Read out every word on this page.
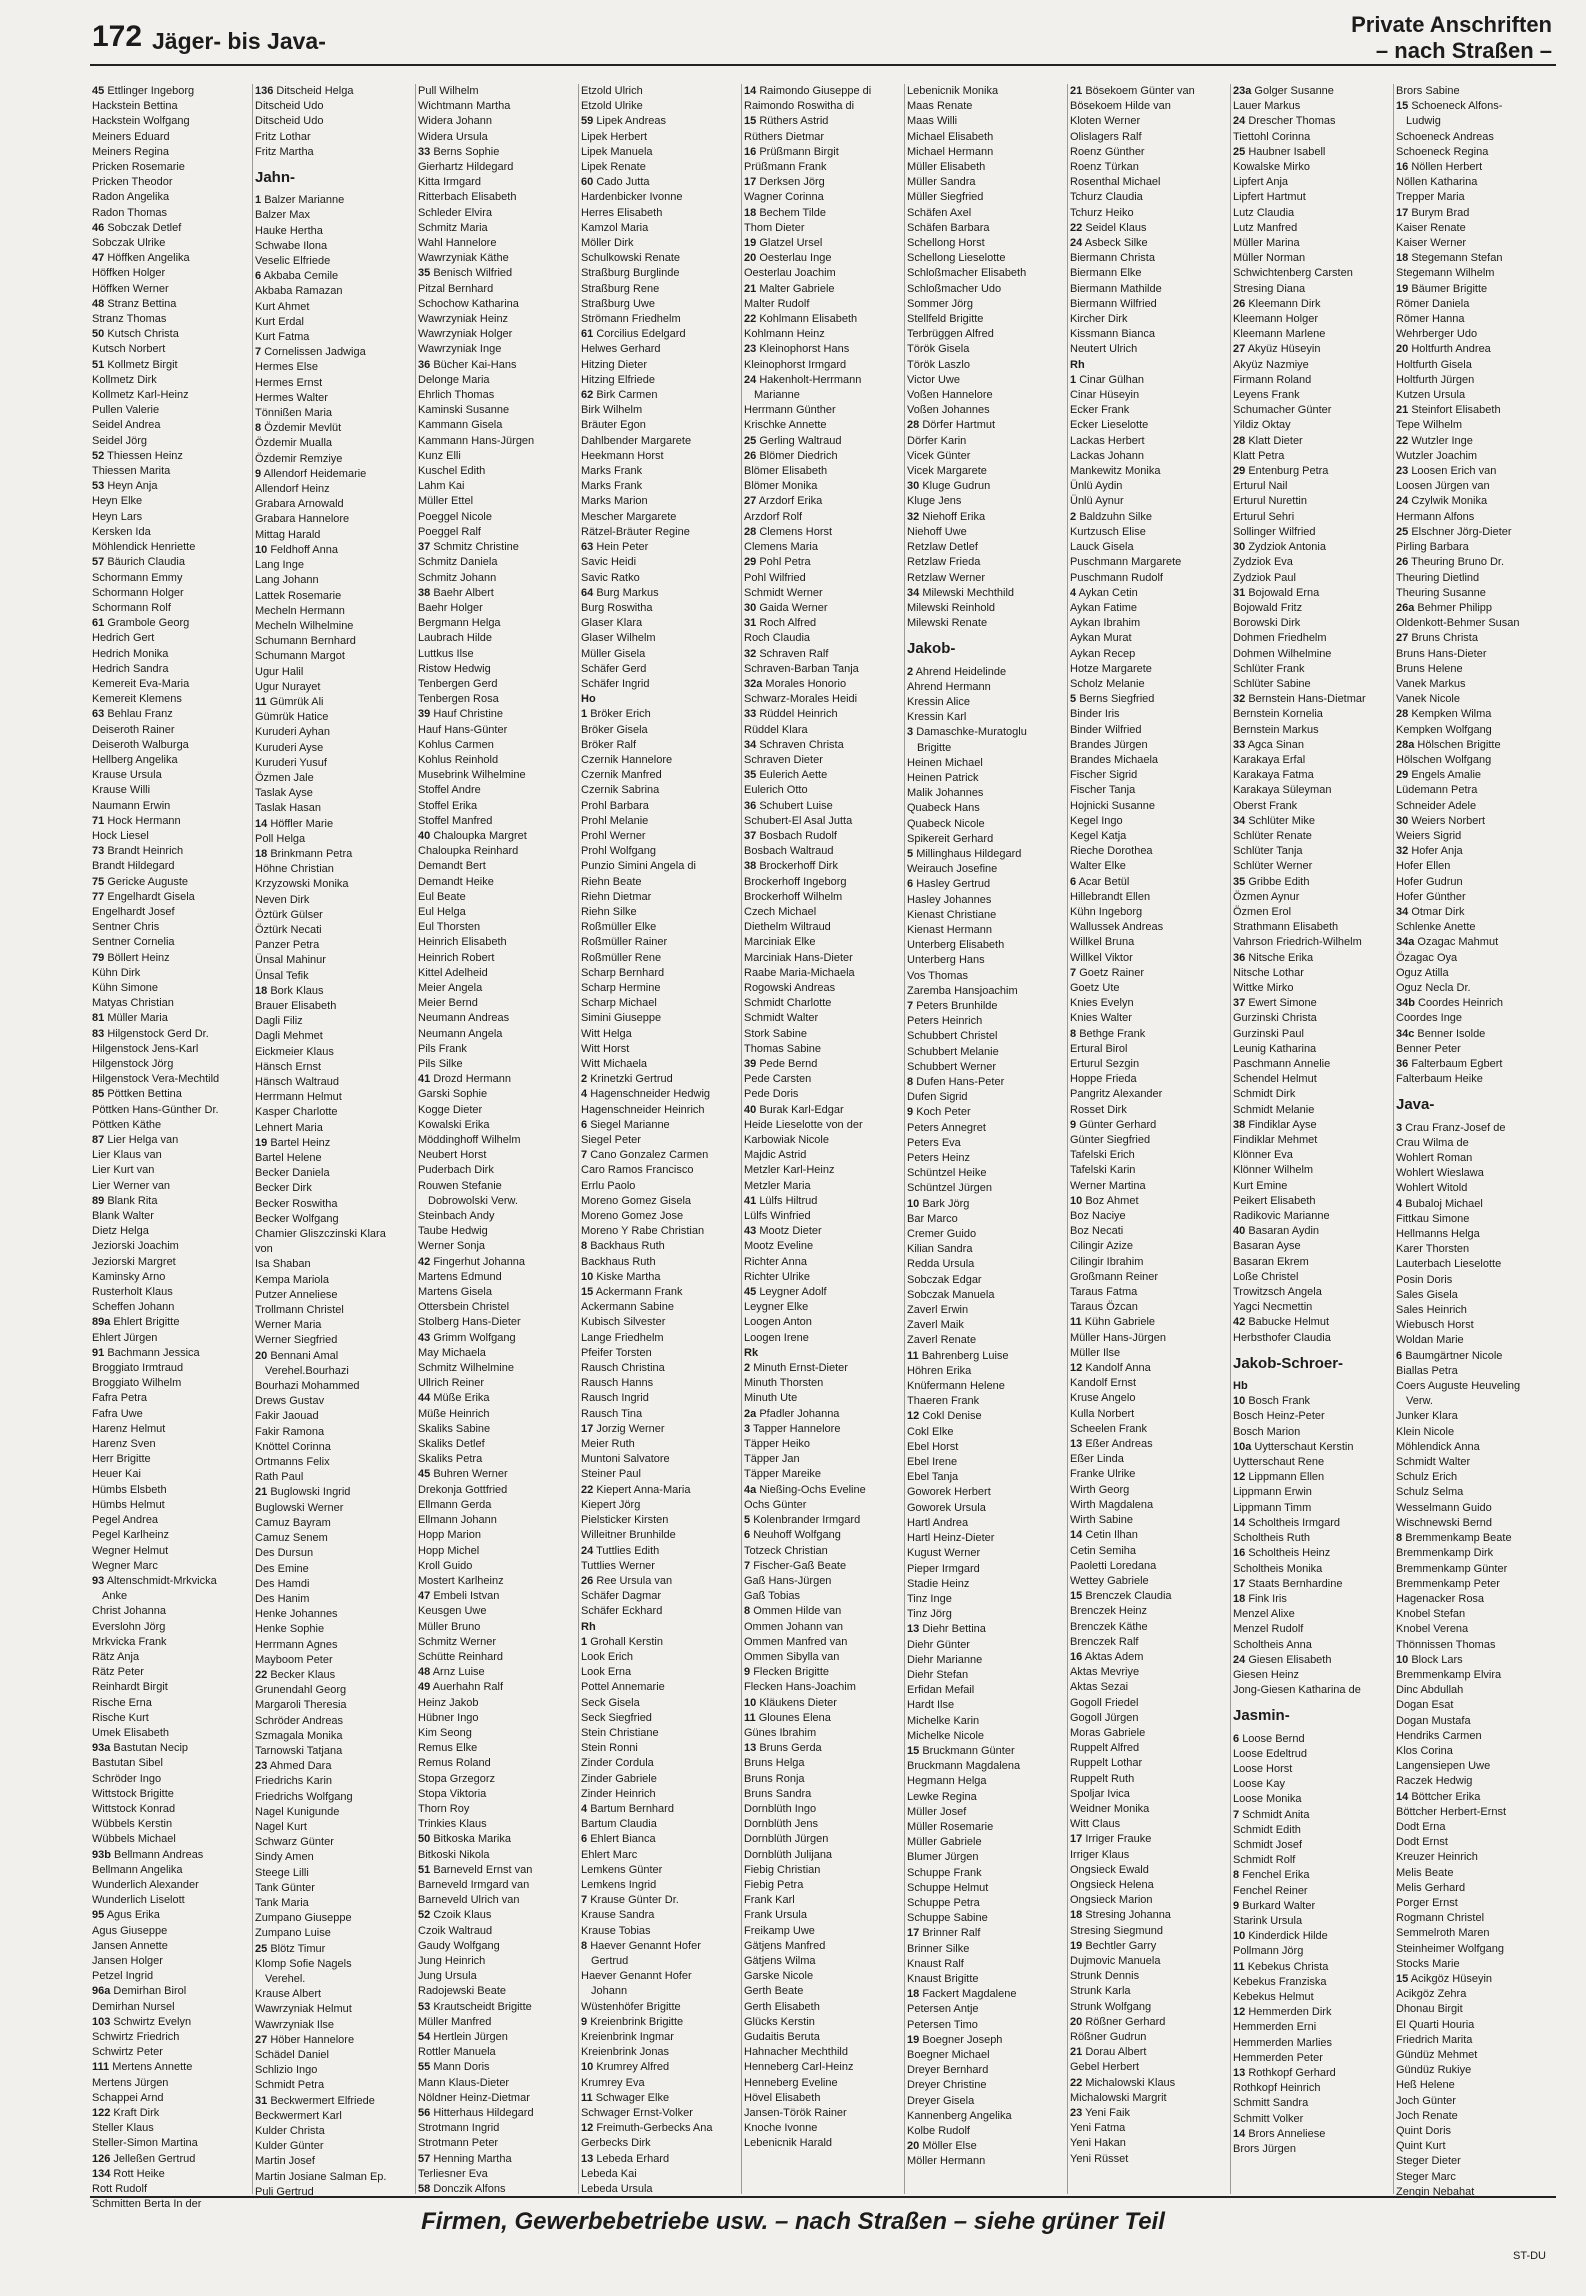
172 Jäger- bis Java-
Private Anschriften
– nach Straßen –
45 Ettlinger Ingeborg
Hackstein Bettina
Hackstein Wolfgang
Meiners Eduard
Meiners Regina
Pricken Rosemarie
Pricken Theodor
Radon Angelika
Radon Thomas
46 Sobczak Detlef
Sobczak Ulrike
47 Höffken Angelika
Höffken Holger
Höffken Werner
48 Stranz Bettina
Stranz Thomas
50 Kutsch Christa
Kutsch Norbert
51 Kollmetz Birgit
Kollmetz Dirk
Kollmetz Karl-Heinz
Pullen Valerie
Seidel Andrea
Seidel Jörg
52 Thiessen Heinz
Thiessen Marita
53 Heyn Anja
Heyn Elke
Heyn Lars
Kersken Ida
Möhlendick Henriette
57 Bäurich Claudia
Schormann Emmy
Schormann Holger
Schormann Rolf
61 Grambole Georg
Hedrich Gert
Hedrich Monika
Hedrich Sandra
Kemereit Eva-Maria
Kemereit Klemens
63 Behlau Franz
Deiseroth Rainer
Deiseroth Walburga
Hellberg Angelika
Krause Ursula
Krause Willi
Naumann Erwin
71 Hock Hermann
Hock Liesel
73 Brandt Heinrich
Brandt Hildegard
75 Gericke Auguste
77 Engelhardt Gisela
Engelhardt Josef
Sentner Chris
Sentner Cornelia
79 Böllert Heinz
Kühn Dirk
Kühn Simone
Matyas Christian
81 Müller Maria
83 Hilgenstock Gerd Dr.
Hilgenstock Jens-Karl
Hilgenstock Jörg
Hilgenstock Vera-Mechtild
85 Pöttken Bettina
Pöttken Hans-Günther Dr.
Pöttken Käthe
87 Lier Helga van
Lier Klaus van
Lier Kurt van
Lier Werner van
89 Blank Rita
Blank Walter
Dietz Helga
Jeziorski Joachim
Jeziorski Margret
Kaminsky Arno
Rusterholt Klaus
Scheffen Johann
89a Ehlert Brigitte
Ehlert Jürgen
91 Bachmann Jessica
Broggiato Irmtraud
Broggiato Wilhelm
Fafra Petra
Fafra Uwe
Harenz Helmut
Harenz Sven
Herr Brigitte
Heuer Kai
Hümbs Elsbeth
Hümbs Helmut
Pegel Andrea
Pegel Karlheinz
Wegner Helmut
Wegner Marc
93 Altenschmidt-Mrkvicka
Anke
Christ Johanna
Everslohn Jörg
Mrkvicka Frank
Rätz Anja
Rätz Peter
Reinhardt Birgit
Rische Erna
Rische Kurt
Umek Elisabeth
93a Bastutan Necip
Bastutan Sibel
Schröder Ingo
Wittstock Brigitte
Wittstock Konrad
Wübbels Kerstin
Wübbels Michael
93b Bellmann Andreas
Bellmann Angelika
Wunderlich Alexander
Wunderlich Liselott
95 Agus Erika
Agus Giuseppe
Jansen Annette
Jansen Holger
Petzel Ingrid
96a Demirhan Birol
Demirhan Nursel
103 Schwirtz Evelyn
Schwirtz Friedrich
Schwirtz Peter
111 Mertens Annette
Mertens Jürgen
Schappei Arnd
122 Kraft Dirk
Steller Klaus
Steller-Simon Martina
126 Jelleßen Gertrud
134 Rott Heike
Rott Rudolf
Schmitten Berta In der
136 Ditscheid Helga
Ditscheid Udo
Ditscheid Udo
Fritz Lothar
Fritz Martha
Jahn-
1 Balzer Marianne
Balzer Max
Hauke Hertha
Schwabe Ilona
Veselic Elfriede
6 Akbaba Cemile
Akbaba Ramazan
Kurt Ahmet
Kurt Erdal
Kurt Fatma
7 Cornelissen Jadwiga
Hermes Else
Hermes Ernst
Hermes Walter
Tönnißen Maria
8 Özdemir Mevlüt
Özdemir Mualla
Özdemir Remziye
9 Allendorf Heidemarie
Allendorf Heinz
Grabara Arnowald
Grabara Hannelore
Mittag Harald
10 Feldhoff Anna
Lang Inge
Lang Johann
Lattek Rosemarie
Mecheln Hermann
Mecheln Wilhelmine
Schumann Bernhard
Schumann Margot
Ugur Halil
Ugur Nurayet
11 Gümrük Ali
Gümrük Hatice
Kuruderi Ayhan
Kuruderi Ayse
Kuruderi Yusuf
Özmen Jale
Taslak Ayse
Taslak Hasan
14 Höffler Marie
Poll Helga
18 Brinkmann Petra
Höhne Christian
Krzyzowski Monika
Neven Dirk
Öztürk Gülser
Öztürk Necati
Panzer Petra
Ünsal Mahinur
Ünsal Tefik
18 Bork Klaus
Brauer Elisabeth
Dagli Filiz
Dagli Mehmet
Eickmeier Klaus
Hänsch Ernst
Hänsch Waltraud
Herrmann Helmut
Kasper Charlotte
Lehnert Maria
19 Bartel Heinz
Bartel Helene
Becker Daniela
Becker Dirk
Becker Roswitha
Becker Wolfgang
Chamier Gliszczinski Klara
von
Isa Shaban
Kempa Mariola
Putzer Anneliese
Trollmann Christel
Werner Maria
Werner Siegfried
20 Bennani Amal
Verehel.Bourhazi
Bourhazi Mohammed
Drews Gustav
Fakir Jaouad
Fakir Ramona
Knöttel Corinna
Ortmanns Felix
Rath Paul
21 Buglowski Ingrid
Buglowski Werner
Camuz Bayram
Camuz Senem
Des Dursun
Des Emine
Des Hamdi
Des Hanim
Henke Johannes
Henke Sophie
Herrmann Agnes
Mayboom Peter
22 Becker Klaus
Grunendahl Georg
Margaroli Theresia
Schröder Andreas
Szmagala Monika
Tarnowski Tatjana
23 Ahmed Dara
Friedrichs Karin
Friedrichs Wolfgang
Nagel Kunigunde
Nagel Kurt
Schwarz Günter
Sindy Amen
Steege Lilli
Tank Günter
Tank Maria
Zumpano Giuseppe
Zumpano Luise
25 Blötz Timur
Klomp Sofie Nagels
Verehel.
Krause Albert
Wawrzyniak Helmut
Wawrzyniak Ilse
27 Höber Hannelore
Schädel Daniel
Schlizio Ingo
Schmidt Petra
31 Beckwermert Elfriede
Beckwermert Karl
Kulder Christa
Kulder Günter
Martin Josef
Martin Josiane Salman Ep.
Puli Gertrud
Pull Wilhelm
Wichtmann Martha
Widera Johann
Widera Ursula
33 Berns Sophie
Gierhartz Hildegard
Kitta Irmgard
Ritterbach Elisabeth
Schleder Elvira
Schmitz Maria
Wahl Hannelore
Wawrzyniak Käthe
35 Benisch Wilfried
Pitzal Bernhard
Schochow Katharina
Wawrzyniak Heinz
Wawrzyniak Holger
Wawrzyniak Inge
36 Bücher Kai-Hans
Delonge Maria
Ehrlich Thomas
Kaminski Susanne
Kammann Gisela
Kammann Hans-Jürgen
Kunz Elli
Kuschel Edith
Lahm Kai
Müller Ettel
Poeggel Nicole
Poeggel Ralf
37 Schmitz Christine
Schmitz Daniela
Schmitz Johann
38 Baehr Albert
Baehr Holger
Bergmann Helga
Laubrach Hilde
Luttkus Ilse
Ristow Hedwig
Tenbergen Gerd
Tenbergen Rosa
39 Hauf Christine
Hauf Hans-Günter
Kohlus Carmen
Kohlus Reinhold
Musebrink Wilhelmine
Stoffel Andre
Stoffel Erika
Stoffel Manfred
40 Chaloupka Margret
Chaloupka Reinhard
Demandt Bert
Demandt Heike
Eul Beate
Eul Helga
Eul Thorsten
Heinrich Elisabeth
Heinrich Robert
Kittel Adelheid
Meier Angela
Meier Bernd
Neumann Andreas
Neumann Angela
Pils Frank
Pils Silke
41 Drozd Hermann
Garski Sophie
Kogge Dieter
Kowalski Erika
Möddinghoff Wilhelm
Neubert Horst
Puderbach Dirk
Rouwen Stefanie
Dobrowolski Verw.
Steinbach Andy
Taube Hedwig
Werner Sonja
42 Fingerhut Johanna
Martens Edmund
Martens Gisela
Ottersbein Christel
Stolberg Hans-Dieter
43 Grimm Wolfgang
May Michaela
Schmitz Wilhelmine
Ullrich Reiner
44 Müße Erika
Müße Heinrich
Skaliks Sabine
Skaliks Detlef
Skaliks Petra
45 Buhren Werner
Drekonja Gottfried
Ellmann Gerda
Ellmann Johann
Hopp Marion
Hopp Michel
Kroll Guido
Mostert Karlheinz
47 Embeli Istvan
Keusgen Uwe
Müller Bruno
Schmitz Werner
Schütte Reinhard
48 Arnz Luise
49 Auerhahn Ralf
Heinz Jakob
Hübner Ingo
Kim Seong
Remus Elke
Remus Roland
Stopa Grzegorz
Stopa Viktoria
Thorn Roy
Trinkies Klaus
50 Bitkoska Marika
Bitkoski Nikola
51 Barneveld Ernst van
Barneveld Irmgard van
Barneveld Ulrich van
52 Czoik Klaus
Czoik Waltraud
Gaudy Wolfgang
Jung Heinrich
Jung Ursula
Radojewski Beate
53 Krautscheidt Brigitte
Müller Manfred
54 Hertlein Jürgen
Rottler Manuela
55 Mann Doris
Mann Klaus-Dieter
Nöldner Heinz-Dietmar
56 Hitterhaus Hildegard
Strotmann Ingrid
Strotmann Peter
57 Henning Martha
Terliesner Eva
58 Donczik Alfons
Etzold Ulrich
Etzold Ulrike
59 Lipek Andreas
Lipek Herbert
Lipek Manuela
Lipek Renate
60 Cado Jutta
Hardenbicker Ivonne
Herres Elisabeth
Kamzol Maria
Möller Dirk
Schulkowski Renate
Straßburg Burglinde
Straßburg Rene
Straßburg Uwe
Strömann Friedhelm
61 Corcilius Edelgard
Helwes Gerhard
Hitzing Dieter
Hitzing Elfriede
62 Birk Carmen
Birk Wilhelm
Bräuter Egon
Dahlbender Margarete
Heekmann Horst
Marks Frank
Marks Frank
Marks Marion
Mescher Margarete
Rätzel-Bräuter Regine
63 Hein Peter
Savic Heidi
Savic Ratko
64 Burg Markus
Burg Roswitha
Glaser Klara
Glaser Wilhelm
Müller Gisela
Schäfer Gerd
Schäfer Ingrid
Ho
1 Bröker Erich
Bröker Gisela
Bröker Ralf
Czernik Hannelore
Czernik Manfred
Czernik Sabrina
Prohl Barbara
Prohl Melanie
Prohl Werner
Prohl Wolfgang
Punzio Simini Angela di
Riehn Beate
Riehn Dietmar
Riehn Silke
Roßmüller Elke
Roßmüller Rainer
Roßmüller Rene
Scharp Bernhard
Scharp Hermine
Scharp Michael
Simini Giuseppe
Witt Helga
Witt Horst
Witt Michaela
2 Krinetzki Gertrud
4 Hagenschneider Hedwig
Hagenschneider Heinrich
6 Siegel Marianne
Siegel Peter
7 Cano Gonzalez Carmen
Caro Ramos Francisco
Errlu Paolo
Moreno Gomez Gisela
Moreno Gomez Jose
Moreno Y Rabe Christian
8 Backhaus Ruth
Backhaus Ruth
10 Kiske Martha
15 Ackermann Frank
Ackermann Sabine
Kubisch Silvester
Lange Friedhelm
Pfeifer Torsten
Rausch Christina
Rausch Hanns
Rausch Ingrid
Rausch Tina
17 Jorzig Werner
Meier Ruth
Muntoni Salvatore
Steiner Paul
22 Kiepert Anna-Maria
Kiepert Jörg
Pielsticker Kirsten
Willeitner Brunhilde
24 Tuttlies Edith
Tuttlies Werner
26 Ree Ursula van
Schäfer Dagmar
Schäfer Eckhard
Rh
1 Grohall Kerstin
Look Erich
Look Erna
Pottel Annemarie
Seck Gisela
Seck Siegfried
Stein Christiane
Stein Ronni
Zinder Cordula
Zinder Gabriele
Zinder Heinrich
4 Bartum Bernhard
Bartum Claudia
6 Ehlert Bianca
Ehlert Marc
Lemkens Günter
Lemkens Ingrid
7 Krause Günter Dr.
Krause Sandra
Krause Tobias
8 Haever Genannt Hofer
Gertrud
Haever Genannt Hofer
Johann
Wüstenhöfer Brigitte
9 Kreienbrink Brigitte
Kreienbrink Ingmar
Kreienbrink Jonas
10 Krumrey Alfred
Krumrey Eva
11 Schwager Elke
Schwager Ernst-Volker
12 Freimuth-Gerbecks Ana
Gerbecks Dirk
13 Lebeda Erhard
Lebeda Kai
Lebeda Ursula
14 Raimondo Giuseppe di
Raimondo Roswitha di
15 Rüthers Astrid
Rüthers Dietmar
16 Prüßmann Birgit
Prüßmann Frank
17 Derksen Jörg
Wagner Corinna
18 Bechem Tilde
Thom Dieter
19 Glatzel Ursel
20 Oesterlau Inge
Oesterlau Joachim
21 Malter Gabriele
Malter Rudolf
22 Kohlmann Elisabeth
Kohlmann Heinz
23 Kleinophorst Hans
Kleinophorst Irmgard
24 Hakenholt-Herrmann
Marianne
Herrmann Günther
Krischke Annette
25 Gerling Waltraud
26 Blömer Diedrich
Blömer Elisabeth
Blömer Monika
27 Arzdorf Erika
Arzdorf Rolf
28 Clemens Horst
Clemens Maria
29 Pohl Petra
Pohl Wilfried
Schmidt Werner
30 Gaida Werner
31 Roch Alfred
Roch Claudia
32 Schraven Ralf
Schraven-Barban Tanja
32a Morales Honorio
Schwarz-Morales Heidi
33 Rüddel Heinrich
Rüddel Klara
34 Schraven Christa
Schraven Dieter
35 Eulerich Aette
Eulerich Otto
36 Schubert Luise
Schubert-El Asal Jutta
37 Bosbach Rudolf
Bosbach Waltraud
38 Brockerhoff Dirk
Brockerhoff Ingeborg
Brockerhoff Wilhelm
Czech Michael
Diethelm Wiltraud
Marciniak Elke
Marciniak Hans-Dieter
Raabe Maria-Michaela
Rogowski Andreas
Schmidt Charlotte
Schmidt Walter
Stork Sabine
Thomas Sabine
39 Pede Bernd
Pede Carsten
Pede Doris
40 Burak Karl-Edgar
Heide Lieselotte von der
Karbowiak Nicole
Majdic Astrid
Metzler Karl-Heinz
Metzler Maria
41 Lülfs Hiltrud
Lülfs Winfried
43 Mootz Dieter
Mootz Eveline
Richter Anna
Richter Ulrike
45 Leygner Adolf
Leygner Elke
Loogen Anton
Loogen Irene
Rk
2 Minuth Ernst-Dieter
Minuth Thorsten
Minuth Ute
2a Pfadler Johanna
3 Tapper Hannelore
Täpper Heiko
Täpper Jan
Täpper Mareike
4a Nießing-Ochs Eveline
Ochs Günter
5 Kolenbrander Irmgard
6 Neuhoff Wolfgang
Totzeck Christian
7 Fischer-Gaß Beate
Gaß Hans-Jürgen
Gaß Tobias
8 Ommen Hilde van
Ommen Johann van
Ommen Manfred van
Ommen Sibylla van
9 Flecken Brigitte
Flecken Hans-Joachim
10 Kläukens Dieter
11 Glounes Elena
Günes Ibrahim
13 Bruns Gerda
Bruns Helga
Bruns Ronja
Bruns Sandra
Dornblüth Ingo
Dornblüth Jens
Dornblüth Jürgen
Dornblüth Julijana
Fiebig Christian
Fiebig Petra
Frank Karl
Frank Ursula
Freikamp Uwe
Gätjens Manfred
Gätjens Wilma
Garske Nicole
Gerth Beate
Gerth Elisabeth
Glücks Kerstin
Gudaitis Beruta
Hahnacher Mechthild
Henneberg Carl-Heinz
Henneberg Eveline
Hövel Elisabeth
Jansen-Török Rainer
Knoche Ivonne
Lebenicnik Harald
Lebenicnik Monika
Maas Renate
Maas Willi
Michael Elisabeth
Michael Hermann
Müller Elisabeth
Müller Sandra
Müller Siegfried
Schäfen Axel
Schäfen Barbara
Schellong Horst
Schellong Lieselotte
Schloßmacher Elisabeth
Schloßmacher Udo
Sommer Jörg
Stellfeld Brigitte
Terbrüggen Alfred
Török Gisela
Török Laszlo
Victor Uwe
Voßen Hannelore
Voßen Johannes
28 Dörfer Hartmut
Dörfer Karin
Vicek Günter
Vicek Margarete
30 Kluge Gudrun
Kluge Jens
32 Niehoff Erika
Niehoff Uwe
Retzlaw Detlef
Retzlaw Frieda
Retzlaw Werner
34 Milewski Mechthild
Milewski Reinhold
Milewski Renate
Jakob-
2 Ahrend Heidelinde
Ahrend Hermann
Kressin Alice
Kressin Karl
3 Damaschke-Muratoglu
Brigitte
Heinen Michael
Heinen Patrick
Malik Johannes
Quabeck Hans
Quabeck Nicole
Spikereit Gerhard
5 Millinghaus Hildegard
Weirauch Josefine
6 Hasley Gertrud
Hasley Johannes
Kienast Christiane
Kienast Hermann
Unterberg Elisabeth
Unterberg Hans
Vos Thomas
Zaremba Hansjoachim
7 Peters Brunhilde
Peters Heinrich
Schubbert Christel
Schubbert Melanie
Schubbert Werner
8 Dufen Hans-Peter
Dufen Sigrid
9 Koch Peter
Peters Annegret
Peters Eva
Peters Heinz
Schüntzel Heike
Schüntzel Jürgen
10 Bark Jörg
Bar Marco
Cremer Guido
Kilian Sandra
Redda Ursula
Sobczak Edgar
Sobczak Manuela
Zaverl Erwin
Zaverl Maik
Zaverl Renate
11 Bahrenberg Luise
Höhren Erika
Knüfermann Helene
Thaeren Frank
12 Cokl Denise
Cokl Elke
Ebel Horst
Ebel Irene
Ebel Tanja
Goworek Herbert
Goworek Ursula
Hartl Andrea
Hartl Heinz-Dieter
Kugust Werner
Pieper Irmgard
Stadie Heinz
Tinz Inge
Tinz Jörg
13 Diehr Bettina
Diehr Günter
Diehr Marianne
Diehr Stefan
Erfidan Mefail
Hardt Ilse
Michelke Karin
Michelke Nicole
15 Bruckmann Günter
Bruckmann Magdalena
Hegmann Helga
Lewke Regina
Müller Josef
Müller Rosemarie
Müller Gabriele
Blumer Jürgen
Schuppe Frank
Schuppe Helmut
Schuppe Petra
Schuppe Sabine
17 Brinner Ralf
Brinner Silke
Knaust Ralf
Knaust Brigitte
18 Fackert Magdalene
Petersen Antje
Petersen Timo
19 Boegner Joseph
Boegner Michael
Dreyer Bernhard
Dreyer Christine
Dreyer Gisela
Kannenberg Angelika
Kolbe Rudolf
20 Möller Else
Möller Hermann
21 Bösekoem Günter van
Bösekoem Hilde van
Kloten Werner
Olislagers Ralf
Roenz Günther
Roenz Türkan
Rosenthal Michael
Tchurz Claudia
Tchurz Heiko
22 Seidel Klaus
24 Asbeck Silke
Biermann Christa
Biermann Elke
Biermann Mathilde
Biermann Wilfried
Kircher Dirk
Kissmann Bianca
Neutert Ulrich
Rh
1 Cinar Gülhan
Cinar Hüseyin
Ecker Frank
Ecker Lieselotte
Lackas Herbert
Lackas Johann
Mankewitz Monika
Ünlü Aydin
Ünlü Aynur
2 Baldzuhn Silke
Kurtzusch Elise
Lauck Gisela
Puschmann Margarete
Puschmann Rudolf
4 Aykan Cetin
Aykan Fatime
Aykan Ibrahim
Aykan Murat
Aykan Recep
Hotze Margarete
Scholz Melanie
5 Berns Siegfried
Binder Iris
Binder Wilfried
Brandes Jürgen
Brandes Michaela
Fischer Sigrid
Fischer Tanja
Hojnicki Susanne
Kegel Ingo
Kegel Katja
Rieche Dorothea
Walter Elke
6 Acar Betül
Hillebrandt Ellen
Kühn Ingeborg
Wallussek Andreas
Willkel Bruna
Willkel Viktor
7 Goetz Rainer
Goetz Ute
Knies Evelyn
Knies Walter
8 Bethge Frank
Ertural Birol
Erturul Sezgin
Hoppe Frieda
Pangritz Alexander
Rosset Dirk
9 Günter Gerhard
Günter Siegfried
Tafelski Erich
Tafelski Karin
Werner Martina
10 Boz Ahmet
Boz Naciye
Boz Necati
Cilingir Azize
Cilingir Ibrahim
Großmann Reiner
Taraus Fatma
Taraus Özcan
11 Kühn Gabriele
Müller Hans-Jürgen
Müller Ilse
12 Kandolf Anna
Kandolf Ernst
Kruse Angelo
Kulla Norbert
Scheelen Frank
13 Eßer Andreas
Eßer Linda
Franke Ulrike
Wirth Georg
Wirth Magdalena
Wirth Sabine
14 Cetin Ilhan
Cetin Semiha
Paoletti Loredana
Wettey Gabriele
15 Brenczek Claudia
Brenczek Heinz
Brenczek Käthe
Brenczek Ralf
16 Aktas Adem
Aktas Mevriye
Aktas Sezai
Gogoll Friedel
Gogoll Jürgen
Moras Gabriele
Ruppelt Alfred
Ruppelt Lothar
Ruppelt Ruth
Spoljar Ivica
Weidner Monika
Witt Claus
17 Irriger Frauke
Irriger Klaus
Ongsieck Ewald
Ongsieck Helena
Ongsieck Marion
18 Stresing Johanna
Stresing Siegmund
19 Bechtler Garry
Dujmovic Manuela
Strunk Dennis
Strunk Karla
Strunk Wolfgang
20 Rößner Gerhard
Rößner Gudrun
21 Dorau Albert
Gebel Herbert
22 Michalowski Klaus
Michalowski Margrit
23 Yeni Faik
Yeni Fatma
Yeni Hakan
Yeni Rüsset
23a Golger Susanne
Lauer Markus
24 Drescher Thomas
Tiettohl Corinna
25 Haubner Isabell
Kowalske Mirko
Lipfert Anja
Lipfert Hartmut
Lutz Claudia
Lutz Manfred
Müller Marina
Müller Norman
Schwichtenberg Carsten
Stresing Diana
26 Kleemann Dirk
Kleemann Holger
Kleemann Marlene
27 Akyüz Hüseyin
Akyüz Nazmiye
Firmann Roland
Leyens Frank
Schumacher Günter
Yildiz Oktay
28 Klatt Dieter
Klatt Petra
29 Entenburg Petra
Erturul Nail
Erturul Nurettin
Erturul Sehri
Sollinger Wilfried
30 Zydziok Antonia
Zydziok Eva
Zydziok Paul
31 Bojowald Erna
Bojowald Fritz
Borowski Dirk
Dohmen Friedhelm
Dohmen Wilhelmine
Schlüter Frank
Schlüter Sabine
32 Bernstein Hans-Dietmar
Bernstein Kornelia
Bernstein Markus
33 Agca Sinan
Karakaya Erfal
Karakaya Fatma
Karakaya Süleyman
Oberst Frank
34 Schlüter Mike
Schlüter Renate
Schlüter Tanja
Schlüter Werner
35 Gribbe Edith
Özmen Aynur
Özmen Erol
Strathmann Elisabeth
Vahrson Friedrich-Wilhelm
36 Nitsche Erika
Nitsche Lothar
Wittke Mirko
37 Ewert Simone
Gurzinski Christa
Gurzinski Paul
Leunig Katharina
Paschmann Annelie
Schendel Helmut
Schmidt Dirk
Schmidt Melanie
38 Findiklar Ayse
Findiklar Mehmet
Klönner Eva
Klönner Wilhelm
Kurt Emine
Peikert Elisabeth
Radikovic Marianne
40 Basaran Aydin
Basaran Ayse
Basaran Ekrem
Loße Christel
Trowitzsch Angela
Yagci Necmettin
42 Babucke Helmut
Herbsthofer Claudia
Jakob-Schroer-
Hb
10 Bosch Frank
Bosch Heinz-Peter
Bosch Marion
10a Uytterschaut Kerstin
Uytterschaut Rene
12 Lippmann Ellen
Lippmann Erwin
Lippmann Timm
14 Scholtheis Irmgard
Scholtheis Ruth
16 Scholtheis Heinz
Scholtheis Monika
17 Staats Bernhardine
18 Fink Iris
Menzel Alixe
Menzel Rudolf
Scholtheis Anna
24 Giesen Elisabeth
Giesen Heinz
Jong-Giesen Katharina de
Jasmin-
6 Loose Bernd
Loose Edeltrud
Loose Horst
Loose Kay
Loose Monika
7 Schmidt Anita
Schmidt Edith
Schmidt Josef
Schmidt Rolf
8 Fenchel Erika
Fenchel Reiner
9 Burkard Walter
Starink Ursula
10 Kinderdick Hilde
Pollmann Jörg
11 Kebekus Christa
Kebekus Franziska
Kebekus Helmut
12 Hemmerden Dirk
Hemmerden Erni
Hemmerden Marlies
Hemmerden Peter
13 Rothkopf Gerhard
Rothkopf Heinrich
Schmitt Sandra
Schmitt Volker
14 Brors Anneliese
Brors Jürgen
Brors Sabine
15 Schoeneck Alfons-
Ludwig
Schoeneck Andreas
Schoeneck Regina
16 Nöllen Herbert
Nöllen Katharina
Trepper Maria
17 Burym Brad
Kaiser Renate
Kaiser Werner
18 Stegemann Stefan
Stegemann Wilhelm
19 Bäumer Brigitte
Römer Daniela
Römer Hanna
Wehrberger Udo
20 Holtfurth Andrea
Holtfurth Gisela
Holtfurth Jürgen
Kutzen Ursula
21 Steinfort Elisabeth
Tepe Wilhelm
22 Wutzler Inge
Wutzler Joachim
23 Loosen Erich van
Loosen Jürgen van
24 Czylwik Monika
Hermann Alfons
25 Elschner Jörg-Dieter
Pirling Barbara
26 Theuring Bruno Dr.
Theuring Dietlind
Theuring Susanne
26a Behmer Philipp
Oldenkott-Behmer Susan
27 Bruns Christa
Bruns Hans-Dieter
Bruns Helene
Vanek Markus
Vanek Nicole
28 Kempken Wilma
Kempken Wolfgang
28a Hölschen Brigitte
Hölschen Wolfgang
29 Engels Amalie
Lüdemann Petra
Schneider Adele
30 Weiers Norbert
Weiers Sigrid
32 Hofer Anja
Hofer Ellen
Hofer Gudrun
Hofer Günther
34 Otmar Dirk
Schlenke Anette
34a Ozagac Mahmut
Özagac Oya
Oguz Atilla
Oguz Necla Dr.
34b Coordes Heinrich
Coordes Inge
34c Benner Isolde
Benner Peter
36 Falterbaum Egbert
Falterbaum Heike
Java-
3 Crau Franz-Josef de
Crau Wilma de
Wohlert Roman
Wohlert Wieslawa
Wohlert Witold
4 Bubaloj Michael
Fittkau Simone
Hellmanns Helga
Karer Thorsten
Lauterbach Lieselotte
Posin Doris
Sales Gisela
Sales Heinrich
Wiebusch Horst
Woldan Marie
6 Baumgärtner Nicole
Biallas Petra
Coers Auguste Heuveling
Verw.
Junker Klara
Klein Nicole
Möhlendick Anna
Schmidt Walter
Schulz Erich
Schulz Selma
Wesselmann Guido
Wischnewski Bernd
8 Bremmenkamp Beate
Bremmenkamp Dirk
Bremmenkamp Günter
Bremmenkamp Peter
Hagenacker Rosa
Knobel Stefan
Knobel Verena
Thönnissen Thomas
10 Block Lars
Bremmenkamp Elvira
Dinc Abdullah
Dogan Esat
Dogan Mustafa
Hendriks Carmen
Klos Corina
Langensiepen Uwe
Raczek Hedwig
14 Böttcher Erika
Böttcher Herbert-Ernst
Dodt Erna
Dodt Ernst
Kreuzer Heinrich
Melis Beate
Melis Gerhard
Porger Ernst
Rogmann Christel
Semmelroth Maren
Steinheimer Wolfgang
Stocks Marie
15 Acikgöz Hüseyin
Acikgöz Zehra
Dhonau Birgit
El Quarti Houria
Friedrich Marita
Gündüz Mehmet
Gündüz Rukiye
Heß Helene
Joch Günter
Joch Renate
Quint Doris
Quint Kurt
Steger Dieter
Steger Marc
Zengin Nebahat
Firmen, Gewerbebetriebe usw. – nach Straßen – siehe grüner Teil
ST-DU
